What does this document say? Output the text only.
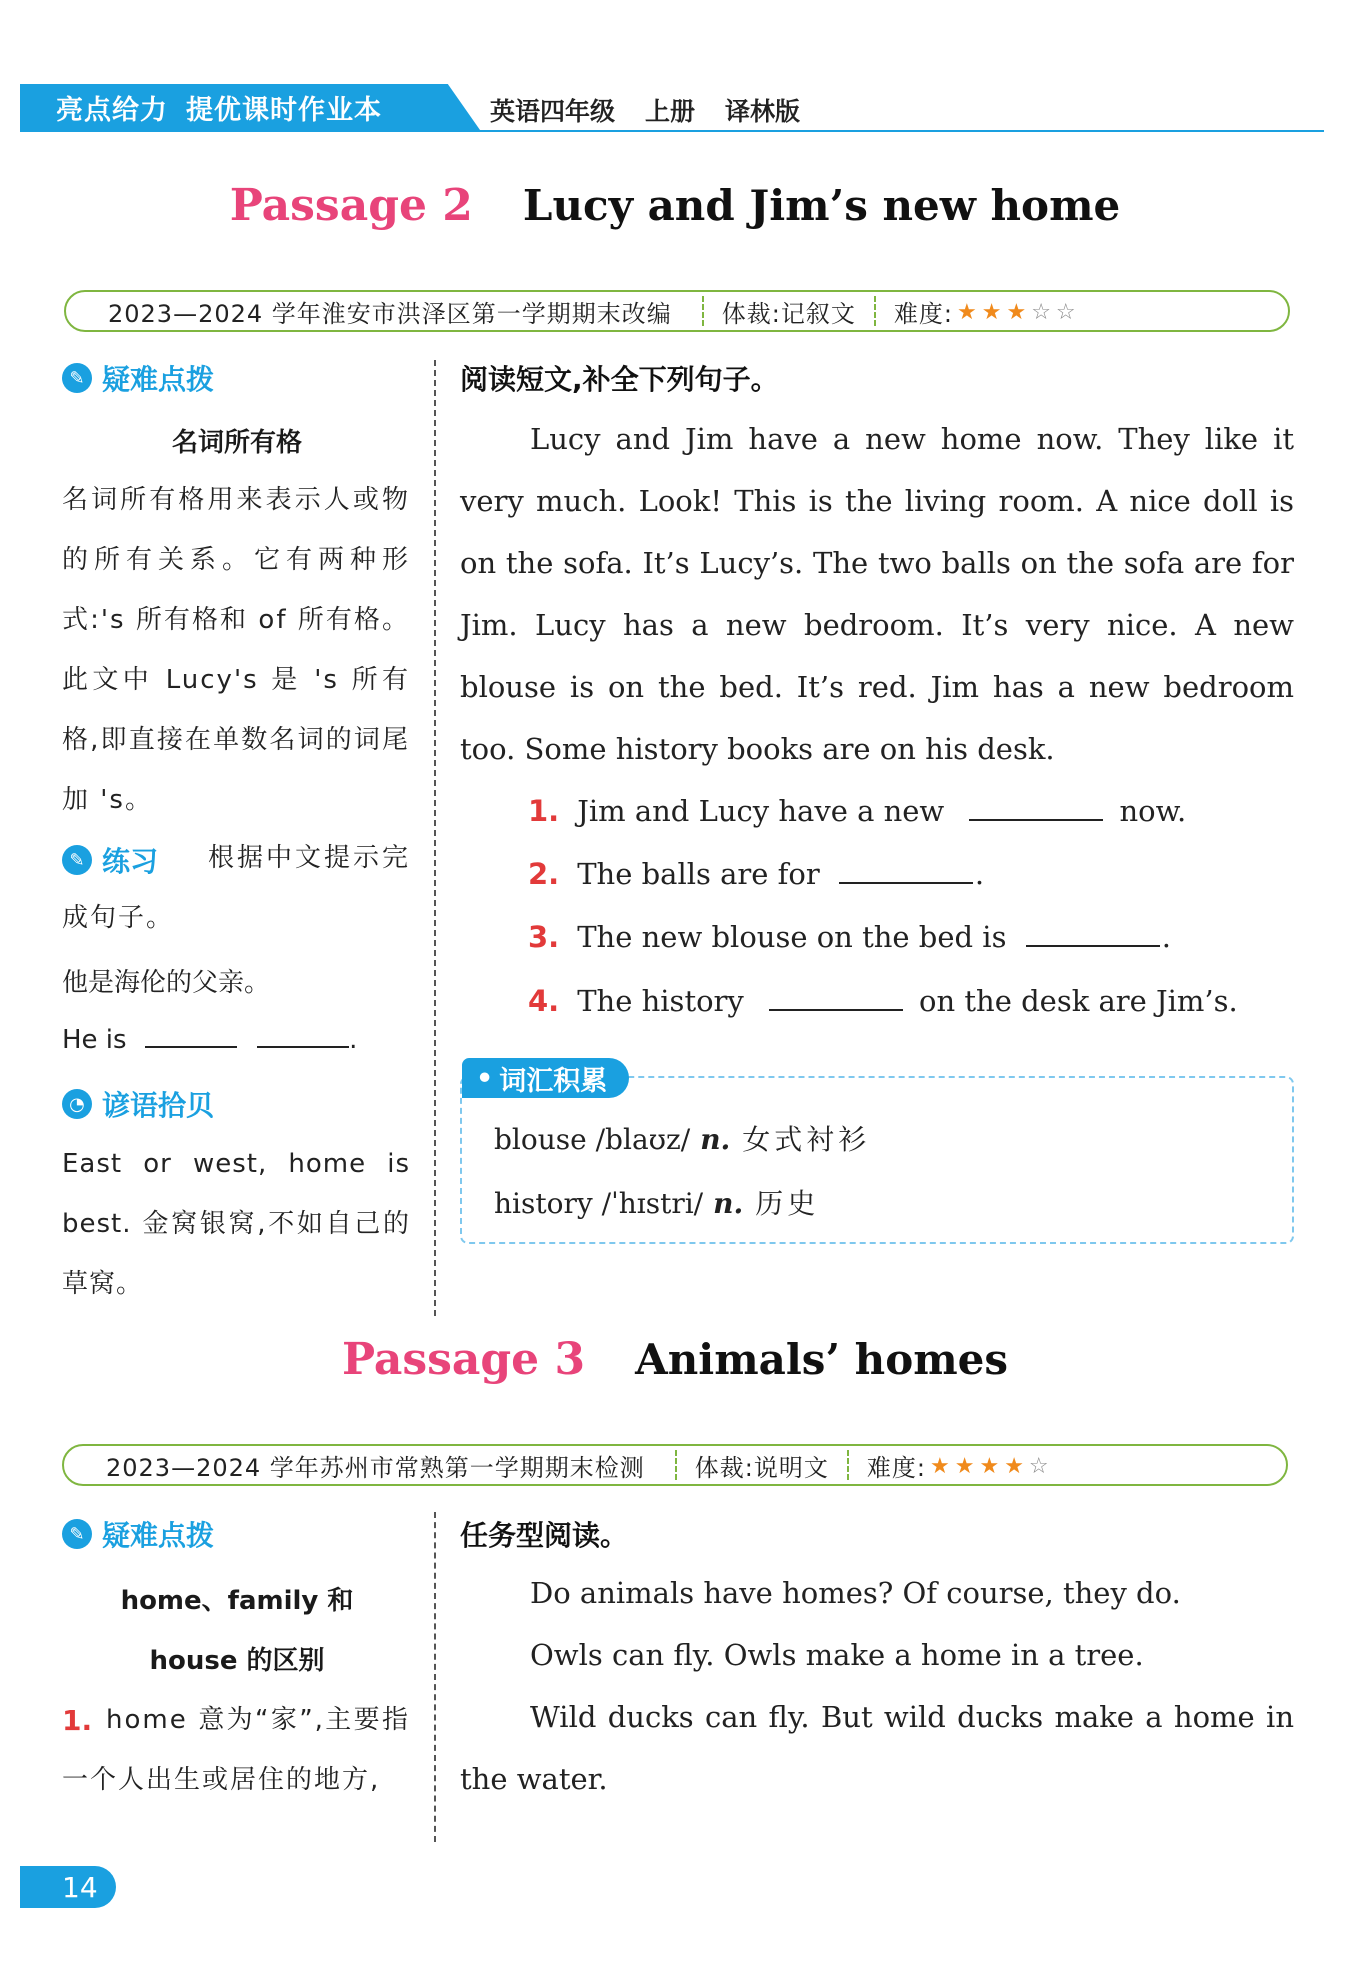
亮点给力 提优课时作业本	英语四年级 上册 译林版
Passage 2 Lucy and Jim’s new home
2023—2024 学年淮安市洪泽区第一学期期末改编	体裁:记叙文	难度: ★ ★ ★ ☆ ☆
✎ 疑难点拨
名词所有格
名词所有格用来表示人或物的所有关系。它有两种形式:'s 所有格和 of 所有格。此文中 Lucy's 是 's 所有格,即直接在单数名词的词尾加 's。
✎ 练习	根据中文提示完成句子。
他是海伦的父亲。
He is	.
◔ 谚语拾贝
East or west, home is best. 金窝银窝,不如自己的草窝。
阅读短文,补全下列句子。
Lucy and Jim have a new home now. They like it very much. Look! This is the living room. A nice doll is on the sofa. It’s Lucy’s. The two balls on the sofa are for Jim. Lucy has a new bedroom. It’s very nice. A new blouse is on the bed. It’s red. Jim has a new bedroom too. Some history books are on his desk.
1. Jim and Lucy have a new	now.
2. The balls are for	.
3. The new blouse on the bed is	.
4. The history	on the desk are Jim’s.
• 词汇积累
blouse /blaʊz/ n. 女式衬衫
history /ˈhɪstri/ n. 历史
Passage 3 Animals’ homes
2023—2024 学年苏州市常熟第一学期期末检测	体裁:说明文	难度: ★ ★ ★ ★ ☆
✎ 疑难点拨
home、family 和
house 的区别
1. home 意为“家”,主要指一个人出生或居住的地方,
任务型阅读。
Do animals have homes? Of course, they do.
Owls can fly. Owls make a home in a tree.
Wild ducks can fly. But wild ducks make a home in the water.
14
